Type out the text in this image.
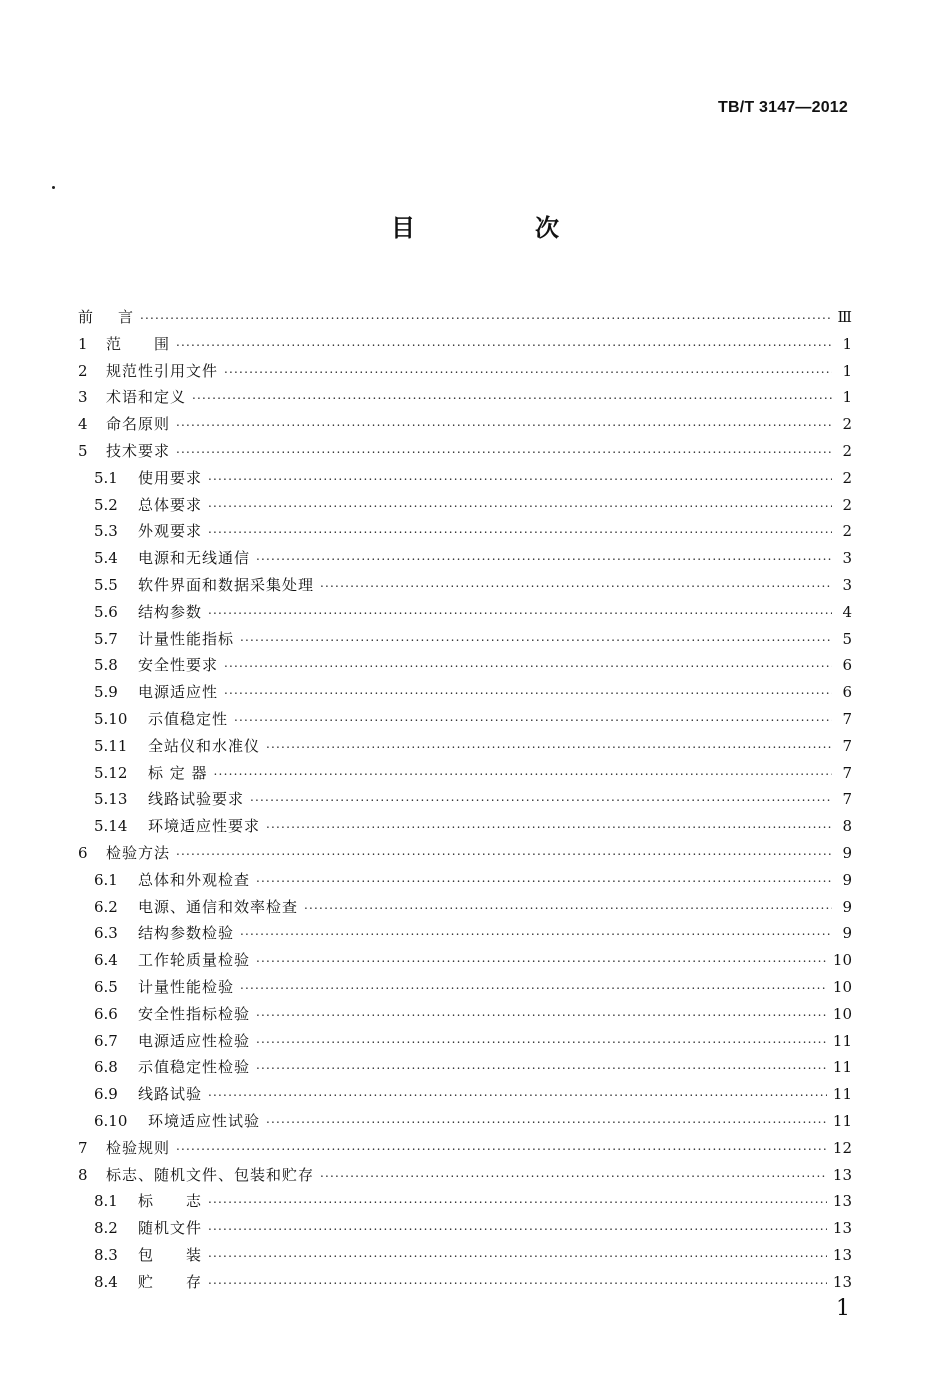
TB/T 3147—2012
目　次
前	言 .....	Ⅲ
1	范　　围 .....	1
2	规范性引用文件 .....	1
3	术语和定义 .....	1
4	命名原则 .....	2
5	技术要求 .....	2
5.1	使用要求 .....	2
5.2	总体要求 .....	2
5.3	外观要求 .....	2
5.4	电源和无线通信 .....	3
5.5	软件界面和数据采集处理 .....	3
5.6	结构参数 .....	4
5.7	计量性能指标 .....	5
5.8	安全性要求 .....	6
5.9	电源适应性 .....	6
5.10	示值稳定性 .....	7
5.11	全站仪和水准仪 .....	7
5.12	标 定 器 .....	7
5.13	线路试验要求 .....	7
5.14	环境适应性要求 .....	8
6	检验方法 .....	9
6.1	总体和外观检查 .....	9
6.2	电源、通信和效率检查 .....	9
6.3	结构参数检验 .....	9
6.4	工作轮质量检验 .....	10
6.5	计量性能检验 .....	10
6.6	安全性指标检验 .....	10
6.7	电源适应性检验 .....	11
6.8	示值稳定性检验 .....	11
6.9	线路试验 .....	11
6.10	环境适应性试验 .....	11
7	检验规则 .....	12
8	标志、随机文件、包装和贮存 .....	13
8.1	标　　志 .....	13
8.2	随机文件 .....	13
8.3	包　　装 .....	13
8.4	贮　　存 .....	13
1
